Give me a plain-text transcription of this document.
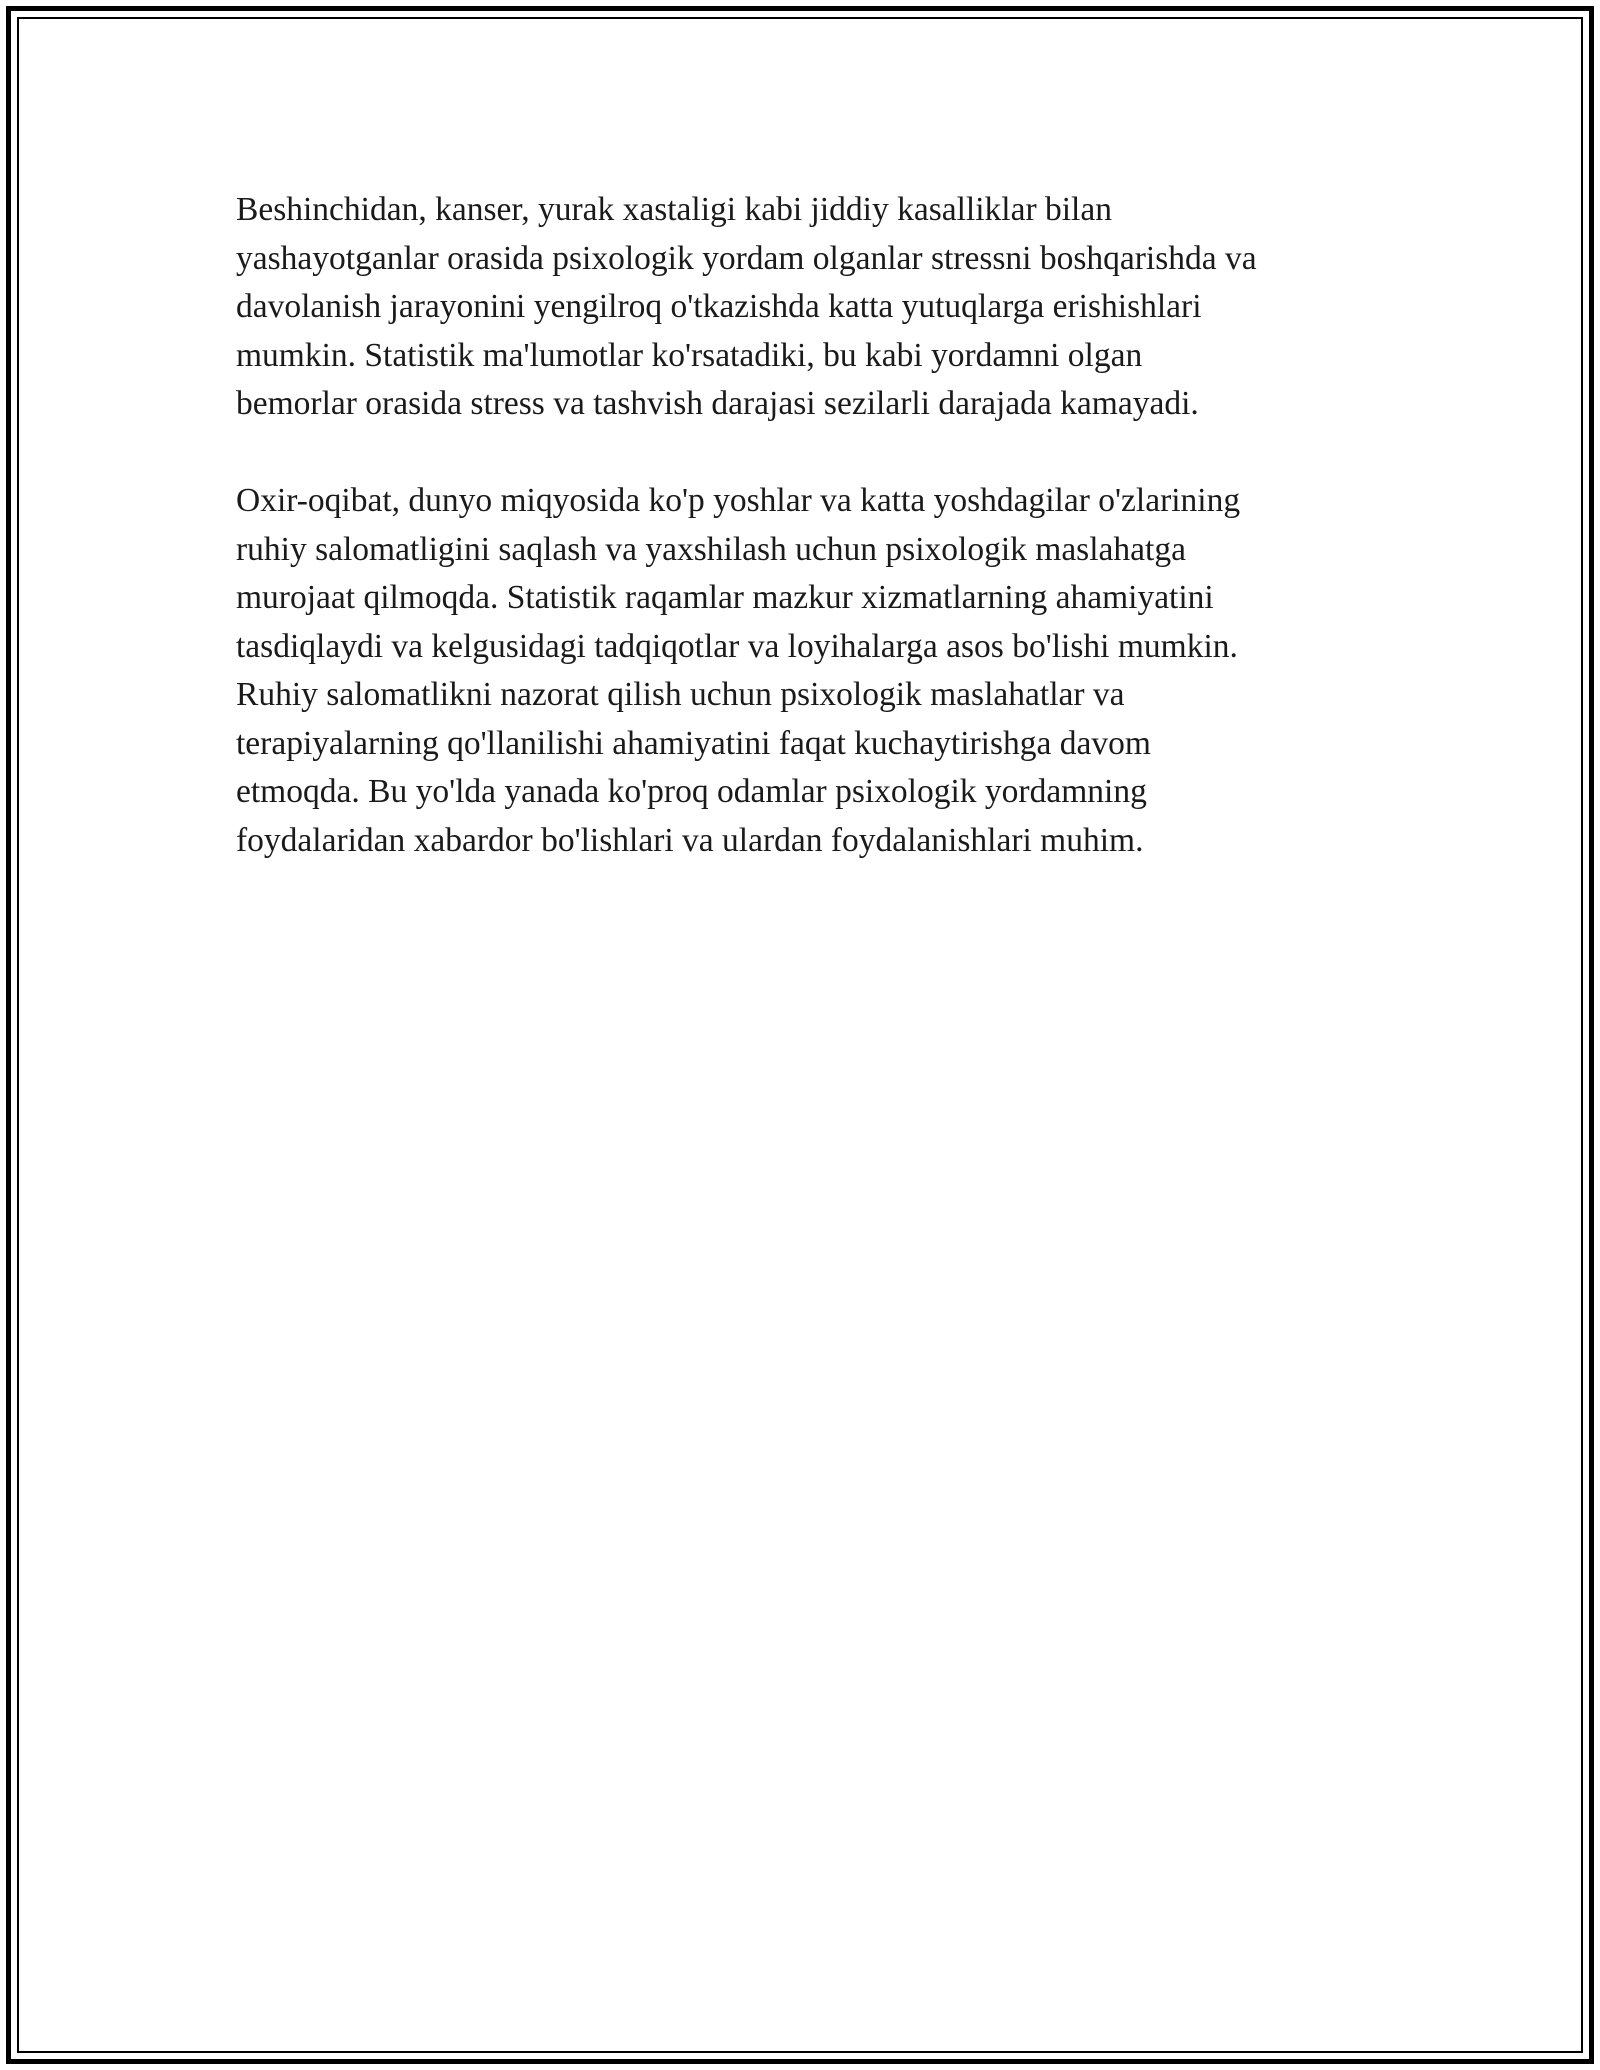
Beshinchidan, kanser, yurak xastaligi kabi jiddiy kasalliklar bilan
yashayotganlar orasida psixologik yordam olganlar stressni boshqarishda va
davolanish jarayonini yengilroq o'tkazishda katta yutuqlarga erishishlari
mumkin. Statistik ma'lumotlar ko'rsatadiki, bu kabi yordamni olgan
bemorlar orasida stress va tashvish darajasi sezilarli darajada kamayadi.

Oxir-oqibat, dunyo miqyosida ko'p yoshlar va katta yoshdagilar o'zlarining
ruhiy salomatligini saqlash va yaxshilash uchun psixologik maslahatga
murojaat qilmoqda. Statistik raqamlar mazkur xizmatlarning ahamiyatini
tasdiqlaydi va kelgusidagi tadqiqotlar va loyihalarga asos bo'lishi mumkin.
Ruhiy salomatlikni nazorat qilish uchun psixologik maslahatlar va
terapiyalarning qo'llanilishi ahamiyatini faqat kuchaytirishga davom
etmoqda. Bu yo'lda yanada ko'proq odamlar psixologik yordamning
foydalaridan xabardor bo'lishlari va ulardan foydalanishlari muhim.
